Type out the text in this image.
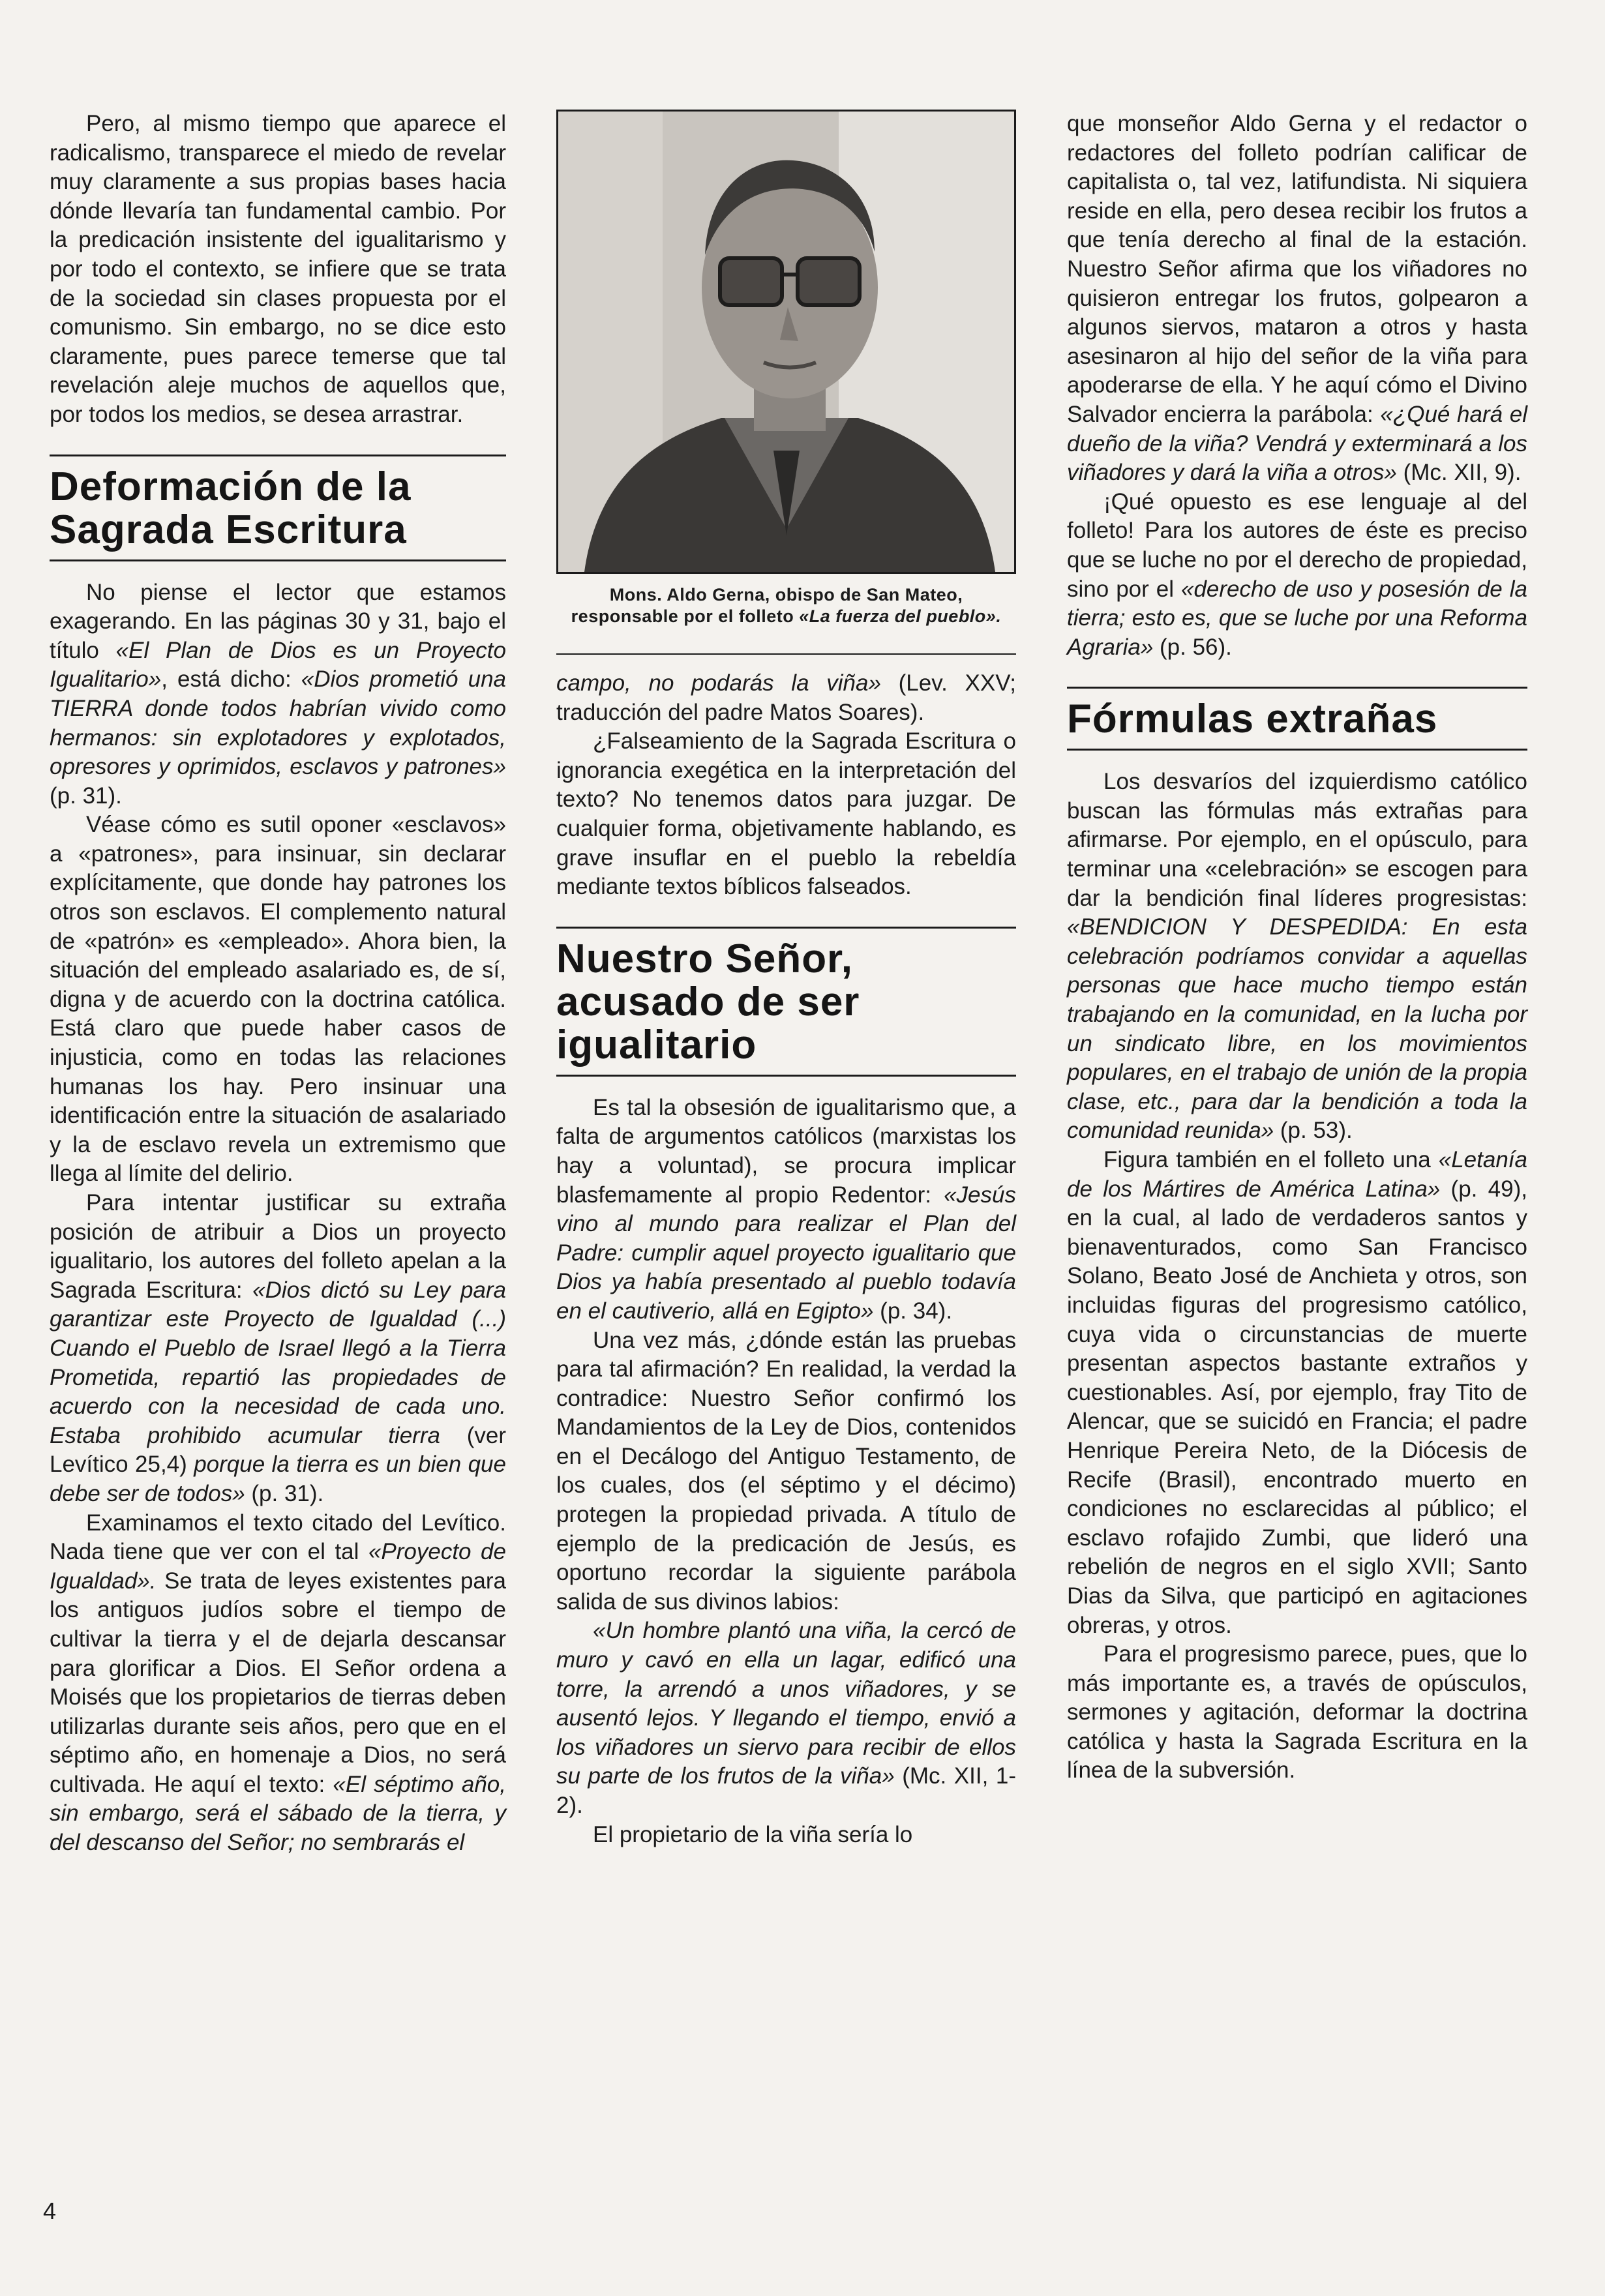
Pero, al mismo tiempo que aparece el radicalismo, transparece el miedo de revelar muy claramente a sus propias bases hacia dónde llevaría tan fundamental cambio. Por la predicación insistente del igualitarismo y por todo el contexto, se infiere que se trata de la sociedad sin clases propuesta por el comunismo. Sin embargo, no se dice esto claramente, pues parece temerse que tal revelación aleje muchos de aquellos que, por todos los medios, se desea arrastrar.

Deformación de la Sagrada Escritura

No piense el lector que estamos exagerando. En las páginas 30 y 31, bajo el título «El Plan de Dios es un Proyecto Igualitario», está dicho: «Dios prometió una TIERRA donde todos habrían vivido como hermanos: sin explotadores y explotados, opresores y oprimidos, esclavos y patrones» (p. 31).

Véase cómo es sutil oponer «esclavos» a «patrones», para insinuar, sin declarar explícitamente, que donde hay patrones los otros son esclavos. El complemento natural de «patrón» es «empleado». Ahora bien, la situación del empleado asalariado es, de sí, digna y de acuerdo con la doctrina católica. Está claro que puede haber casos de injusticia, como en todas las relaciones humanas los hay. Pero insinuar una identificación entre la situación de asalariado y la de esclavo revela un extremismo que llega al límite del delirio.

Para intentar justificar su extraña posición de atribuir a Dios un proyecto igualitario, los autores del folleto apelan a la Sagrada Escritura: «Dios dictó su Ley para garantizar este Proyecto de Igualdad (...) Cuando el Pueblo de Israel llegó a la Tierra Prometida, repartió las propiedades de acuerdo con la necesidad de cada uno. Estaba prohibido acumular tierra (ver Levítico 25,4) porque la tierra es un bien que debe ser de todos» (p. 31).

Examinamos el texto citado del Levítico. Nada tiene que ver con el tal «Proyecto de Igualdad». Se trata de leyes existentes para los antiguos judíos sobre el tiempo de cultivar la tierra y el de dejarla descansar para glorificar a Dios. El Señor ordena a Moisés que los propietarios de tierras deben utilizarlas durante seis años, pero que en el séptimo año, en homenaje a Dios, no será cultivada. He aquí el texto: «El séptimo año, sin embargo, será el sábado de la tierra, y del descanso del Señor; no sembrarás el

Mons. Aldo Gerna, obispo de San Mateo, responsable por el folleto «La fuerza del pueblo».

campo, no podarás la viña» (Lev. XXV; traducción del padre Matos Soares).

¿Falseamiento de la Sagrada Escritura o ignorancia exegética en la interpretación del texto? No tenemos datos para juzgar. De cualquier forma, objetivamente hablando, es grave insuflar en el pueblo la rebeldía mediante textos bíblicos falseados.

Nuestro Señor, acusado de ser igualitario

Es tal la obsesión de igualitarismo que, a falta de argumentos católicos (marxistas los hay a voluntad), se procura implicar blasfemamente al propio Redentor: «Jesús vino al mundo para realizar el Plan del Padre: cumplir aquel proyecto igualitario que Dios ya había presentado al pueblo todavía en el cautiverio, allá en Egipto» (p. 34).

Una vez más, ¿dónde están las pruebas para tal afirmación? En realidad, la verdad la contradice: Nuestro Señor confirmó los Mandamientos de la Ley de Dios, contenidos en el Decálogo del Antiguo Testamento, de los cuales, dos (el séptimo y el décimo) protegen la propiedad privada. A título de ejemplo de la predicación de Jesús, es oportuno recordar la siguiente parábola salida de sus divinos labios:

«Un hombre plantó una viña, la cercó de muro y cavó en ella un lagar, edificó una torre, la arrendó a unos viñadores, y se ausentó lejos. Y llegando el tiempo, envió a los viñadores un siervo para recibir de ellos su parte de los frutos de la viña» (Mc. XII, 1-2).

El propietario de la viña sería lo

que monseñor Aldo Gerna y el redactor o redactores del folleto podrían calificar de capitalista o, tal vez, latifundista. Ni siquiera reside en ella, pero desea recibir los frutos a que tenía derecho al final de la estación. Nuestro Señor afirma que los viñadores no quisieron entregar los frutos, golpearon a algunos siervos, mataron a otros y hasta asesinaron al hijo del señor de la viña para apoderarse de ella. Y he aquí cómo el Divino Salvador encierra la parábola: «¿Qué hará el dueño de la viña? Vendrá y exterminará a los viñadores y dará la viña a otros» (Mc. XII, 9).

¡Qué opuesto es ese lenguaje al del folleto! Para los autores de éste es preciso que se luche no por el derecho de propiedad, sino por el «derecho de uso y posesión de la tierra; esto es, que se luche por una Reforma Agraria» (p. 56).

Fórmulas extrañas

Los desvaríos del izquierdismo católico buscan las fórmulas más extrañas para afirmarse. Por ejemplo, en el opúsculo, para terminar una «celebración» se escogen para dar la bendición final líderes progresistas: «BENDICION Y DESPEDIDA: En esta celebración podríamos convidar a aquellas personas que hace mucho tiempo están trabajando en la comunidad, en la lucha por un sindicato libre, en los movimientos populares, en el trabajo de unión de la propia clase, etc., para dar la bendición a toda la comunidad reunida» (p. 53).

Figura también en el folleto una «Letanía de los Mártires de América Latina» (p. 49), en la cual, al lado de verdaderos santos y bienaventurados, como San Francisco Solano, Beato José de Anchieta y otros, son incluidas figuras del progresismo católico, cuya vida o circunstancias de muerte presentan aspectos bastante extraños y cuestionables. Así, por ejemplo, fray Tito de Alencar, que se suicidó en Francia; el padre Henrique Pereira Neto, de la Diócesis de Recife (Brasil), encontrado muerto en condiciones no esclarecidas al público; el esclavo rofajido Zumbi, que lideró una rebelión de negros en el siglo XVII; Santo Dias da Silva, que participó en agitaciones obreras, y otros.

Para el progresismo parece, pues, que lo más importante es, a través de opúsculos, sermones y agitación, deformar la doctrina católica y hasta la Sagrada Escritura en la línea de la subversión.

4
